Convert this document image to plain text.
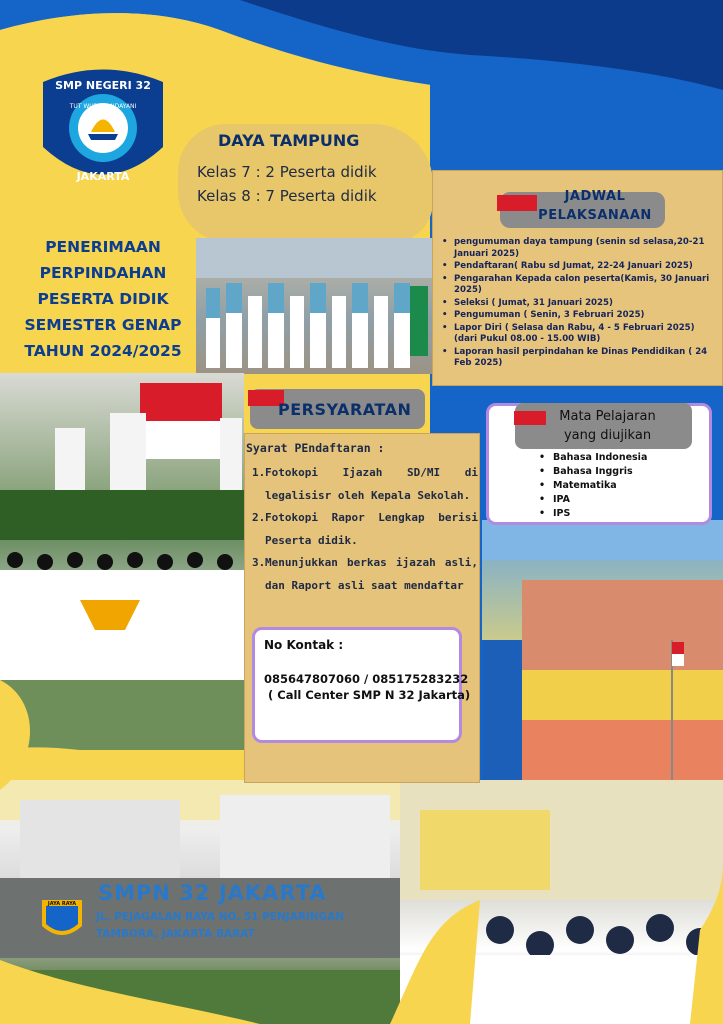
SMP NEGERI 32
TUT WURI HANDAYANI
JAKARTA
PENERIMAAN
PERPINDAHAN
PESERTA DIDIK
SEMESTER GENAP
TAHUN 2024/2025
DAYA TAMPUNG
Kelas 7 : 2 Peserta didik
Kelas 8 : 7 Peserta didik	JADWAL
PELAKSANAAN
• pengumuman daya tampung (senin sd selasa,20-21 Januari 2025)
• Pendaftaran( Rabu sd Jumat, 22-24 Januari 2025)
• Pengarahan Kepada calon peserta(Kamis, 30 Januari 2025)
• Seleksi ( Jumat, 31 Januari 2025)
• Pengumuman ( Senin, 3 Februari 2025)
• Lapor Diri ( Selasa dan Rabu, 4 - 5 Februari 2025) (dari Pukul 08.00 - 15.00 WIB)
• Laporan hasil perpindahan ke Dinas Pendidikan ( 24 Feb 2025)
PERSYARATAN
Syarat PEndaftaran :
1. Fotokopi Ijazah SD/MI di legalisisr oleh Kepala Sekolah.
2. Fotokopi Rapor Lengkap berisi Peserta didik.
3. Menunjukkan berkas ijazah asli, dan Raport asli saat mendaftar
No Kontak :
085647807060 / 085175283232
( Call Center SMP N 32 Jakarta)
Mata Pelajaran
yang diujikan
• Bahasa Indonesia
• Bahasa Inggris
• Matematika
• IPA
• IPS
JAYA RAYA SMPN 32 JAKARTA
JL. PEJAGALAN RAYA NO. 51 PENJARINGAN
TAMBORA, JAKARTA BARAT
